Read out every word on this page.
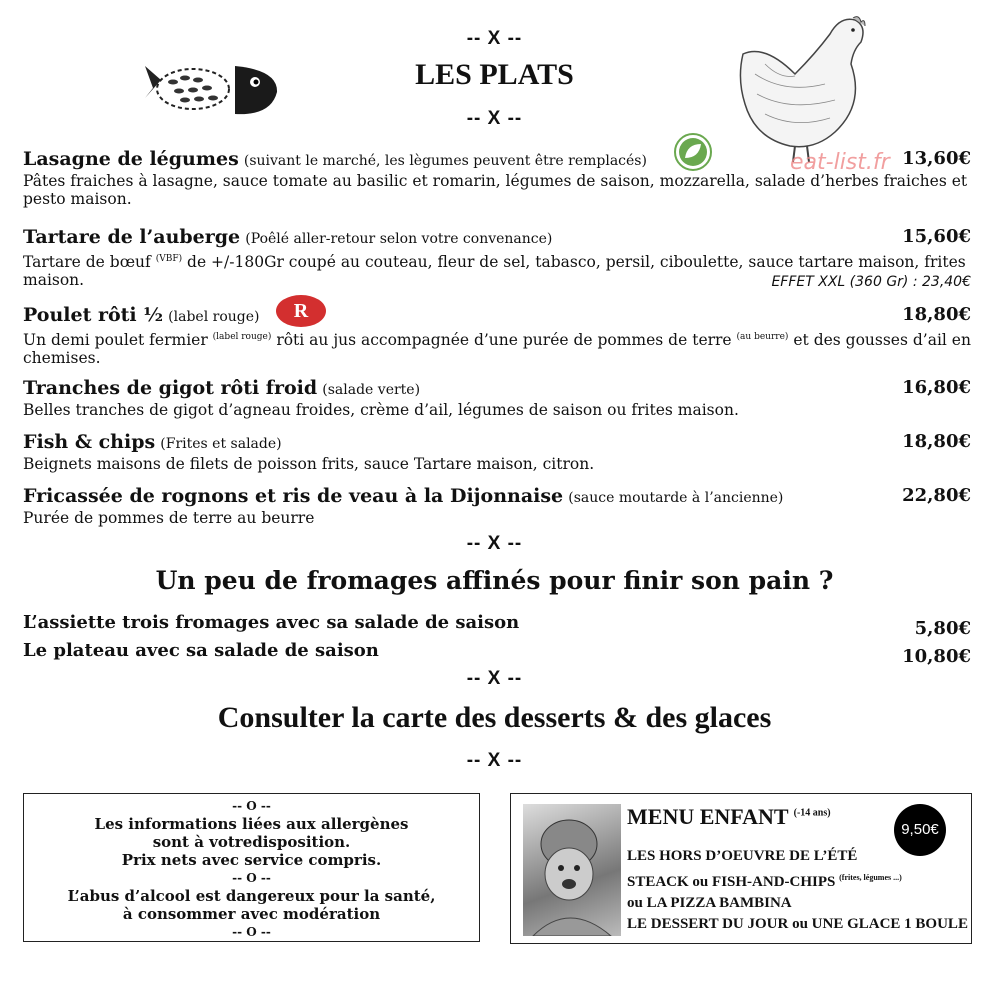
eat-list.fr
-- X --
LES PLATS
-- X --
Lasagne de légumes (suivant le marché, les lègumes peuvent être remplacés)	13,60€
Pâtes fraiches à lasagne, sauce tomate au basilic et romarin, légumes de saison, mozzarella, salade d’herbes fraiches et pesto maison.
Tartare de l’auberge (Poêlé aller-retour selon votre convenance)	15,60€
Tartare de bœuf $^{(VBF)}$ de +/-180Gr coupé au couteau, fleur de sel, tabasco, persil, ciboulette, sauce tartare maison, frites maison.	EFFET XXL (360 Gr) : 23,40€
Poulet rôti ½ (label rouge) R	18,80€
Un demi poulet fermier $^{(label rouge)}$ rôti au jus accompagnée d’une purée de pommes de terre $^{(au beurre)}$ et des gousses d’ail en chemises.
Tranches de gigot rôti froid (salade verte)	16,80€
Belles tranches de gigot d’agneau froides, crème d’ail, légumes de saison ou frites maison.
Fish & chips (Frites et salade)	18,80€
Beignets maisons de filets de poisson frits, sauce Tartare maison, citron.
Fricassée de rognons et ris de veau à la Dijonnaise (sauce moutarde à l’ancienne)	22,80€
Purée de pommes de terre au beurre
-- X --
Un peu de fromages affinés pour finir son pain ?
L’assiette trois fromages avec sa salade de saison	5,80€
Le plateau avec sa salade de saison	10,80€
-- X --
Consulter la carte des desserts & des glaces
-- X --
-- O --
Les informations liées aux allergènes
sont à votredisposition.
Prix nets avec service compris.
-- O --
L’abus d’alcool est dangereux pour la santé,
à consommer avec modération
-- O --
MENU ENFANT $^{(-14 ans)}$
9,50€
LES HORS D’OEUVRE DE L’ÉTÉ
STEACK ou FISH-AND-CHIPS $^{(frites, légumes ...)}$
ou LA PIZZA BAMBINA
LE DESSERT DU JOUR ou UNE GLACE 1 BOULE
